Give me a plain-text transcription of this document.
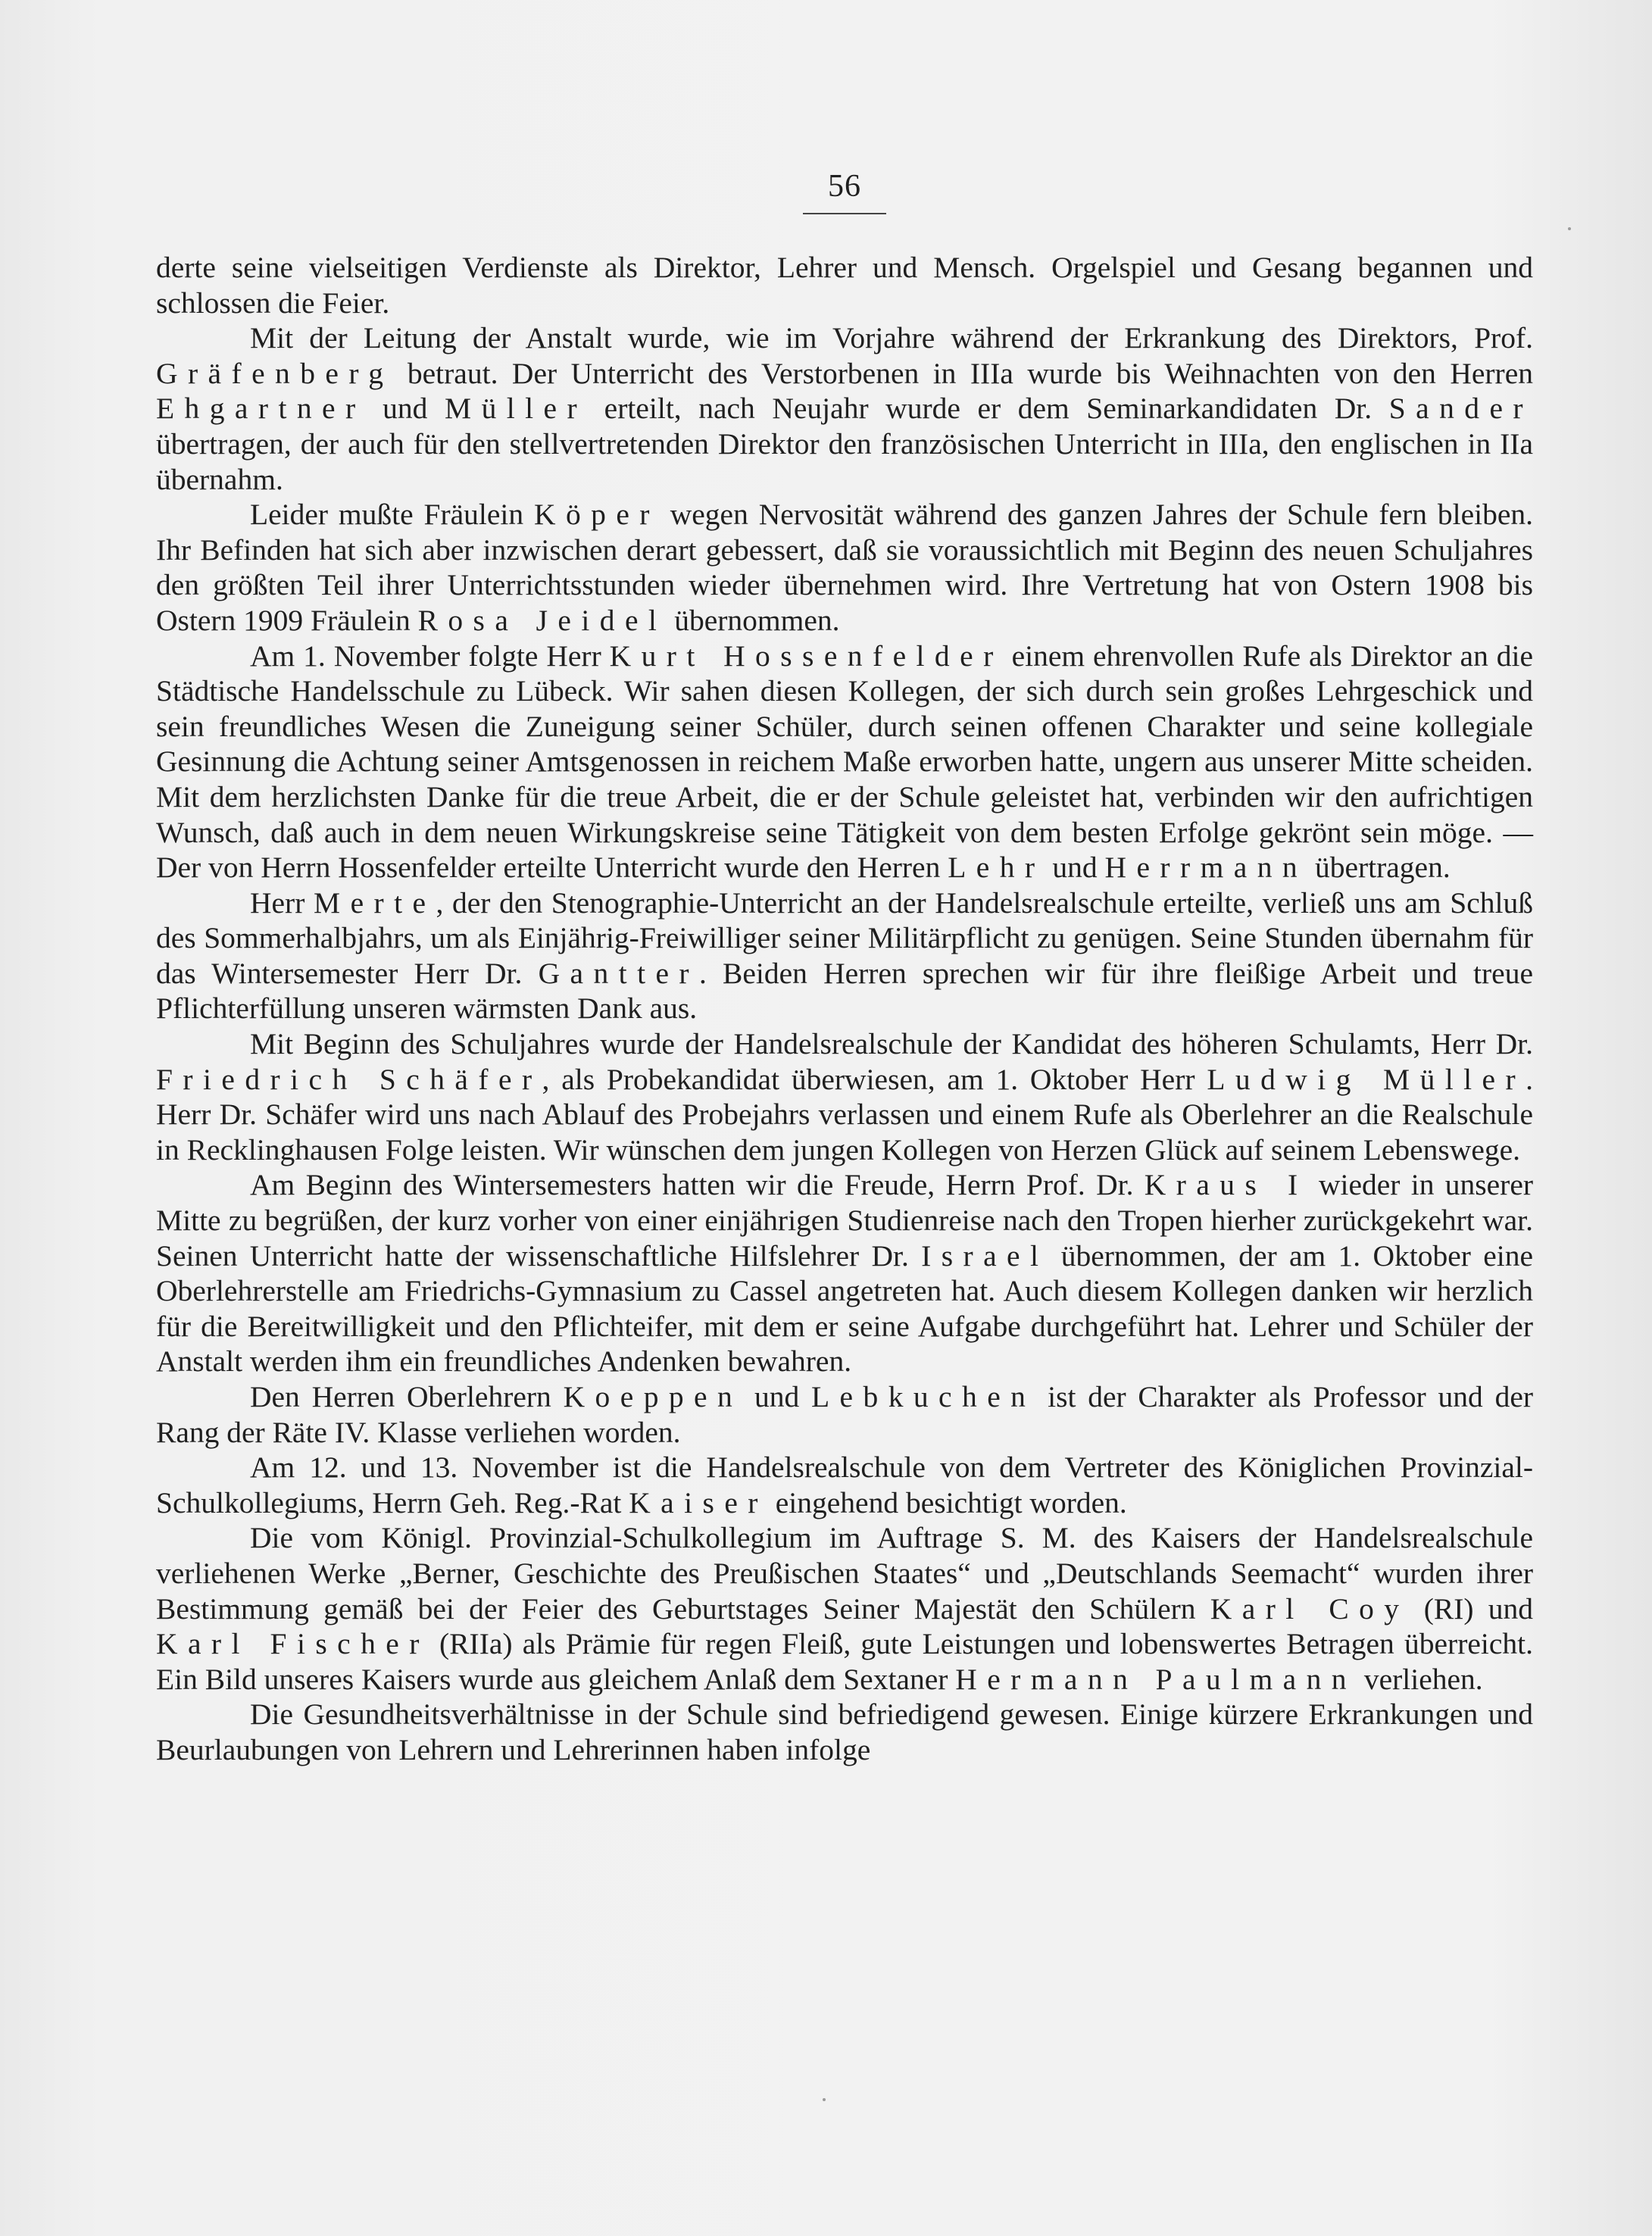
56

derte seine vielseitigen Verdienste als Direktor, Lehrer und Mensch. Orgelspiel und Gesang begannen und schlossen die Feier.

Mit der Leitung der Anstalt wurde, wie im Vorjahre während der Erkrankung des Direktors, Prof. Gräfenberg betraut. Der Unterricht des Verstorbenen in IIIa wurde bis Weihnachten von den Herren Ehgartner und Müller erteilt, nach Neujahr wurde er dem Seminarkandidaten Dr. Sander übertragen, der auch für den stellvertretenden Direktor den französischen Unterricht in IIIa, den englischen in IIa übernahm.

Leider mußte Fräulein Köper wegen Nervosität während des ganzen Jahres der Schule fern bleiben. Ihr Befinden hat sich aber inzwischen derart gebessert, daß sie voraussichtlich mit Beginn des neuen Schuljahres den größten Teil ihrer Unterrichtsstunden wieder übernehmen wird. Ihre Vertretung hat von Ostern 1908 bis Ostern 1909 Fräulein Rosa Jeidel übernommen.

Am 1. November folgte Herr Kurt Hossenfelder einem ehrenvollen Rufe als Direktor an die Städtische Handelsschule zu Lübeck. Wir sahen diesen Kollegen, der sich durch sein großes Lehrgeschick und sein freundliches Wesen die Zuneigung seiner Schüler, durch seinen offenen Charakter und seine kollegiale Gesinnung die Achtung seiner Amtsgenossen in reichem Maße erworben hatte, ungern aus unserer Mitte scheiden. Mit dem herzlichsten Danke für die treue Arbeit, die er der Schule geleistet hat, verbinden wir den aufrichtigen Wunsch, daß auch in dem neuen Wirkungskreise seine Tätigkeit von dem besten Erfolge gekrönt sein möge. — Der von Herrn Hossenfelder erteilte Unterricht wurde den Herren Lehr und Herrmann übertragen.

Herr Merte, der den Stenographie-Unterricht an der Handelsrealschule erteilte, verließ uns am Schluß des Sommerhalbjahrs, um als Einjährig-Freiwilliger seiner Militärpflicht zu genügen. Seine Stunden übernahm für das Wintersemester Herr Dr. Gantter. Beiden Herren sprechen wir für ihre fleißige Arbeit und treue Pflichterfüllung unseren wärmsten Dank aus.

Mit Beginn des Schuljahres wurde der Handelsrealschule der Kandidat des höheren Schulamts, Herr Dr. Friedrich Schäfer, als Probekandidat überwiesen, am 1. Oktober Herr Ludwig Müller. Herr Dr. Schäfer wird uns nach Ablauf des Probejahrs verlassen und einem Rufe als Oberlehrer an die Realschule in Recklinghausen Folge leisten. Wir wünschen dem jungen Kollegen von Herzen Glück auf seinem Lebenswege.

Am Beginn des Wintersemesters hatten wir die Freude, Herrn Prof. Dr. Kraus I wieder in unserer Mitte zu begrüßen, der kurz vorher von einer einjährigen Studienreise nach den Tropen hierher zurückgekehrt war. Seinen Unterricht hatte der wissenschaftliche Hilfslehrer Dr. Israel übernommen, der am 1. Oktober eine Oberlehrerstelle am Friedrichs-Gymnasium zu Cassel angetreten hat. Auch diesem Kollegen danken wir herzlich für die Bereitwilligkeit und den Pflichteifer, mit dem er seine Aufgabe durchgeführt hat. Lehrer und Schüler der Anstalt werden ihm ein freundliches Andenken bewahren.

Den Herren Oberlehrern Koeppen und Lebkuchen ist der Charakter als Professor und der Rang der Räte IV. Klasse verliehen worden.

Am 12. und 13. November ist die Handelsrealschule von dem Vertreter des Königlichen Provinzial-Schulkollegiums, Herrn Geh. Reg.-Rat Kaiser eingehend besichtigt worden.

Die vom Königl. Provinzial-Schulkollegium im Auftrage S. M. des Kaisers der Handelsrealschule verliehenen Werke „Berner, Geschichte des Preußischen Staates“ und „Deutschlands Seemacht“ wurden ihrer Bestimmung gemäß bei der Feier des Geburtstages Seiner Majestät den Schülern Karl Coy (RI) und Karl Fischer (RIIa) als Prämie für regen Fleiß, gute Leistungen und lobenswertes Betragen überreicht. Ein Bild unseres Kaisers wurde aus gleichem Anlaß dem Sextaner Hermann Paulmann verliehen.

Die Gesundheitsverhältnisse in der Schule sind befriedigend gewesen. Einige kürzere Erkrankungen und Beurlaubungen von Lehrern und Lehrerinnen haben infolge
